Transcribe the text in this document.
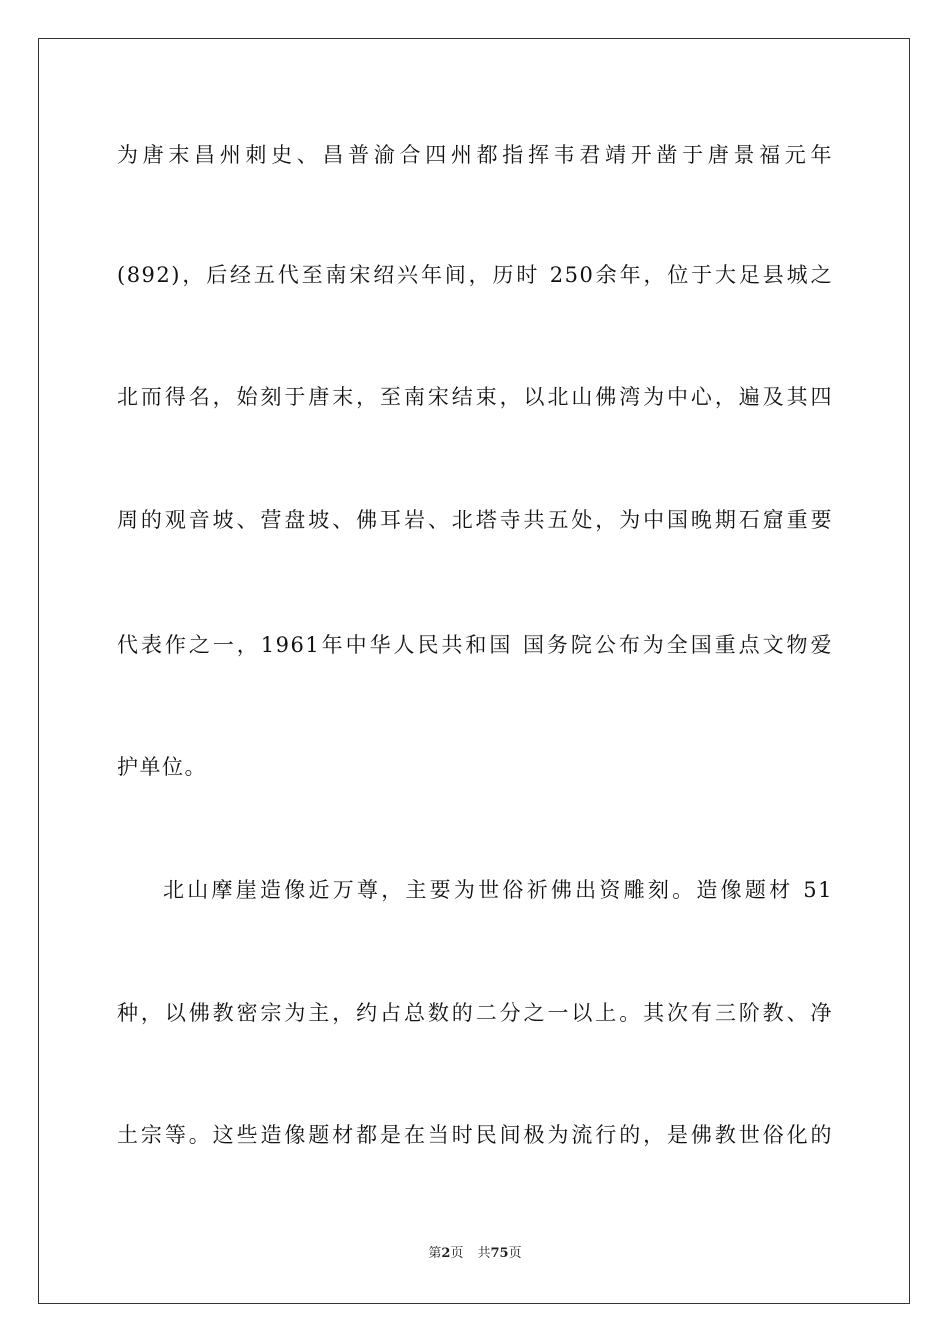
为唐末昌州刺史、昌普渝合四州都指挥韦君靖开凿于唐景福元年
(892)，后经五代至南宋绍兴年间，历时 250余年，位于大足县城之
北而得名，始刻于唐末，至南宋结束，以北山佛湾为中心，遍及其四
周的观音坡、营盘坡、佛耳岩、北塔寺共五处，为中国晚期石窟重要
代表作之一，1961年中华人民共和国 国务院公布为全国重点文物爱
护单位。
北山摩崖造像近万尊，主要为世俗祈佛出资雕刻。造像题材 51
种，以佛教密宗为主，约占总数的二分之一以上。其次有三阶教、净
土宗等。这些造像题材都是在当时民间极为流行的，是佛教世俗化的
第2页 共75页
